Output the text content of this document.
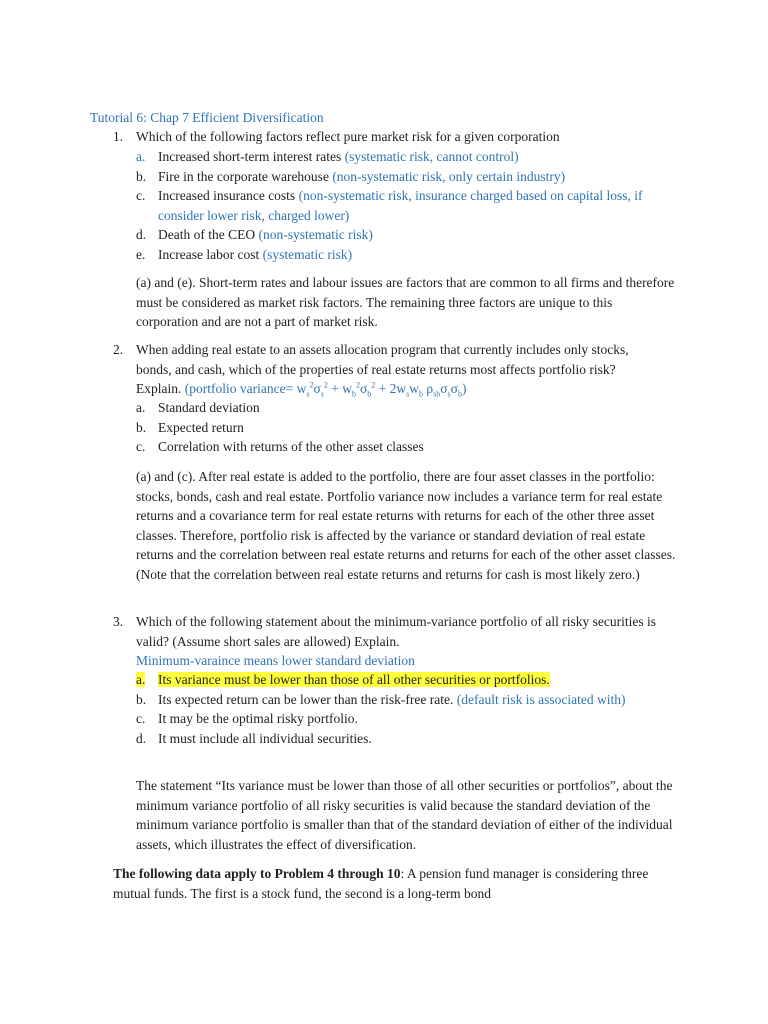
Tutorial 6: Chap 7 Efficient Diversification
1. Which of the following factors reflect pure market risk for a given corporation
a. Increased short-term interest rates (systematic risk, cannot control)
b. Fire in the corporate warehouse (non-systematic risk, only certain industry)
c. Increased insurance costs (non-systematic risk, insurance charged based on capital loss, if consider lower risk, charged lower)
d. Death of the CEO (non-systematic risk)
e. Increase labor cost (systematic risk)
(a) and (e). Short-term rates and labour issues are factors that are common to all firms and therefore must be considered as market risk factors. The remaining three factors are unique to this corporation and are not a part of market risk.
2. When adding real estate to an assets allocation program that currently includes only stocks, bonds, and cash, which of the properties of real estate returns most affects portfolio risk? Explain. (portfolio variance= $w_s^2\sigma_s^2 + w_b^2\sigma_b^2 + 2w_sw_b$ $\rho_{sb}\sigma_s\sigma_b$)
a. Standard deviation
b. Expected return
c. Correlation with returns of the other asset classes
(a) and (c). After real estate is added to the portfolio, there are four asset classes in the portfolio: stocks, bonds, cash and real estate. Portfolio variance now includes a variance term for real estate returns and a covariance term for real estate returns with returns for each of the other three asset classes. Therefore, portfolio risk is affected by the variance or standard deviation of real estate returns and the correlation between real estate returns and returns for each of the other asset classes. (Note that the correlation between real estate returns and returns for cash is most likely zero.)
3. Which of the following statement about the minimum-variance portfolio of all risky securities is valid? (Assume short sales are allowed) Explain.
Minimum-varaince means lower standard deviation
a. Its variance must be lower than those of all other securities or portfolios.
b. Its expected return can be lower than the risk-free rate. (default risk is associated with)
c. It may be the optimal risky portfolio.
d. It must include all individual securities.
The statement “Its variance must be lower than those of all other securities or portfolios”, about the minimum variance portfolio of all risky securities is valid because the standard deviation of the minimum variance portfolio is smaller than that of the standard deviation of either of the individual assets, which illustrates the effect of diversification.
The following data apply to Problem 4 through 10: A pension fund manager is considering three mutual funds. The first is a stock fund, the second is a long-term bond
